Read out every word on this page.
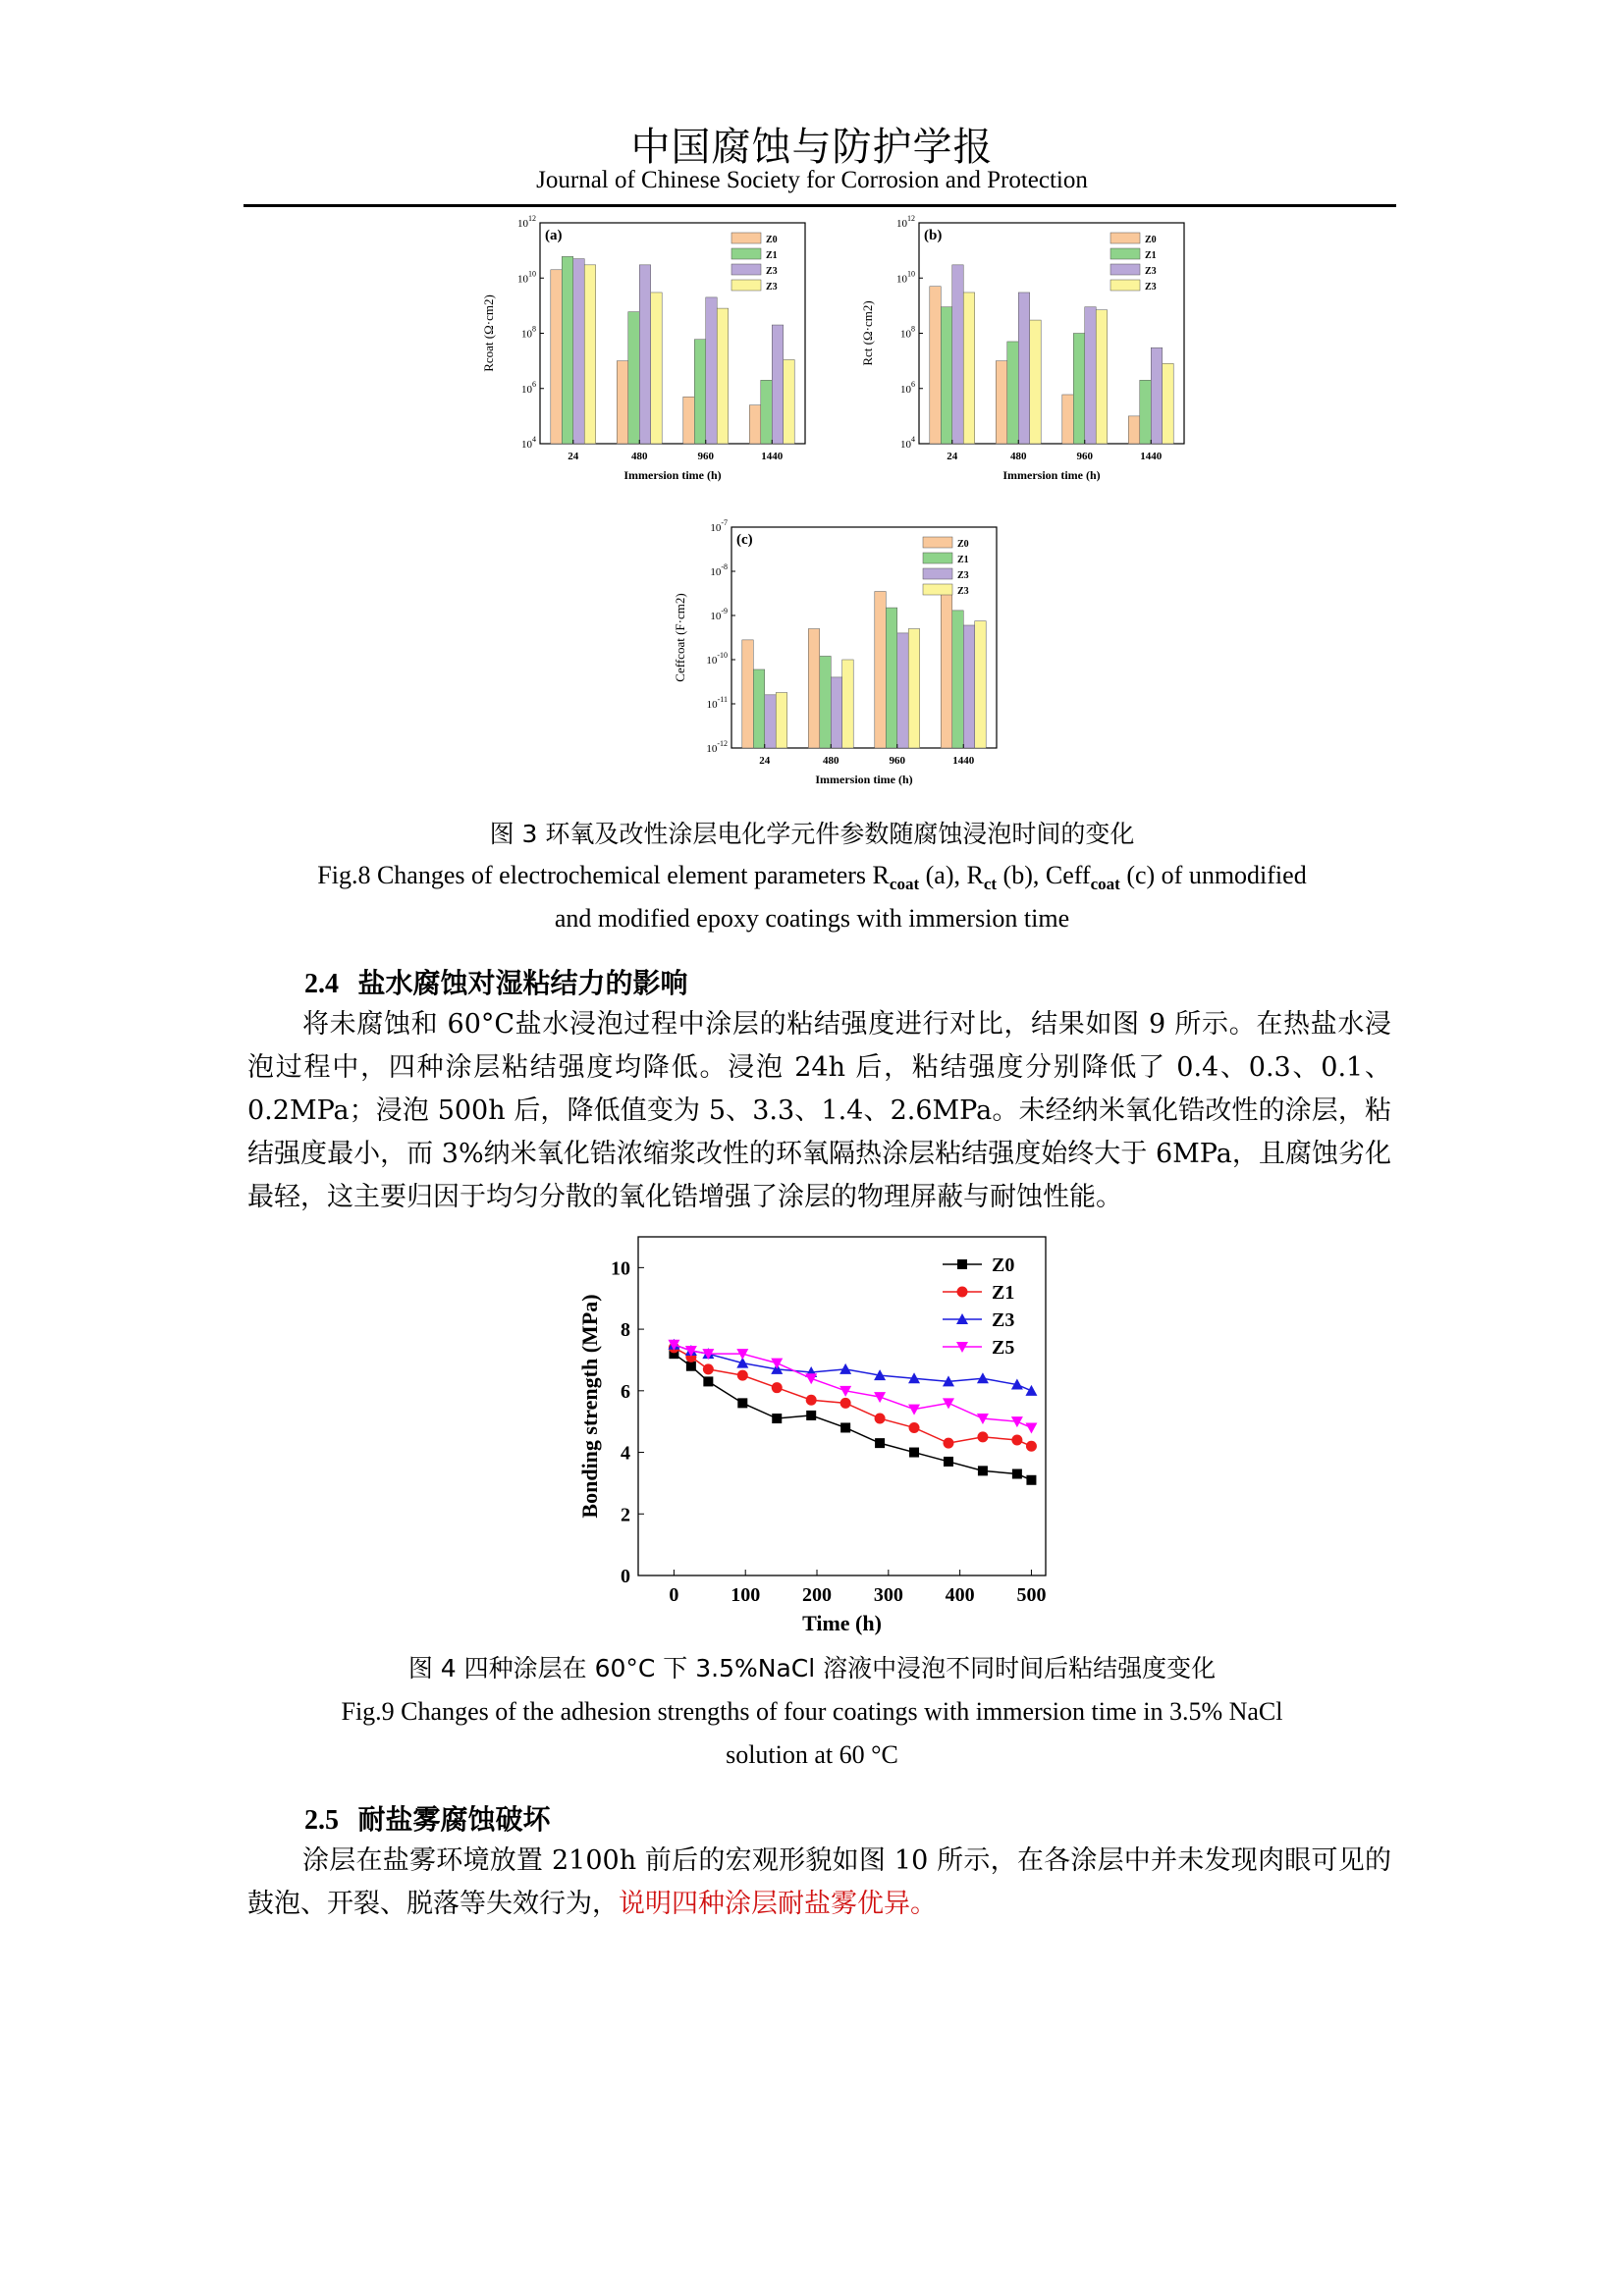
中国腐蚀与防护学报
Journal of Chinese Society for Corrosion and Protection
$10^4$
$10^6$
$10^8$
$10^{10}$
$10^{12}$
24	480	960	1440
(a)	Z0
Z1
Z3
Z3
Immersion time (h)
Rcoat (Ω·cm2)
$10^4$
$10^6$
$10^8$
$10^{10}$
$10^{12}$
24	480	960	1440
(b)	Z0
Z1
Z3
Z3
Immersion time (h)
Rct (Ω·cm2)
$10^{-12}$
$10^{-11}$
$10^{-10}$
$10^{-9}$
$10^{-8}$
$10^{-7}$
24	480	960	1440
(c)	Z0
Z1
Z3
Z3
Immersion time (h)
Ceffcoat (F·cm2)
图 3 环氧及改性涂层电化学元件参数随腐蚀浸泡时间的变化
Fig.8 Changes of electrochemical element parameters $R_{coat}$ (a), $R_{ct}$ (b), Ceff$_{coat}$ (c) of unmodified
and modified epoxy coatings with immersion time
2.4 盐水腐蚀对湿粘结力的影响
将未腐蚀和 60°C盐水浸泡过程中涂层的粘结强度进行对比，结果如图 9 所示。在热盐水浸泡过程中，四种涂层粘结强度均降低。浸泡 24h 后，粘结强度分别降低了 0.4、0.3、0.1、0.2MPa；浸泡 500h 后，降低值变为 5、3.3、1.4、2.6MPa。未经纳米氧化锆改性的涂层，粘结强度最小，而 3%纳米氧化锆浓缩浆改性的环氧隔热涂层粘结强度始终大于 6MPa，且腐蚀劣化最轻，这主要归因于均匀分散的氧化锆增强了涂层的物理屏蔽与耐蚀性能。
0
2
4
6
8
10
0	100 200 300 400 500
Z0
Z1
Z3
Z5
Time (h)
Bonding strength (MPa)
图 4 四种涂层在 60°C 下 3.5%NaCl 溶液中浸泡不同时间后粘结强度变化
Fig.9 Changes of the adhesion strengths of four coatings with immersion time in 3.5% NaCl
solution at 60 °C
2.5 耐盐雾腐蚀破坏
涂层在盐雾环境放置 2100h 前后的宏观形貌如图 10 所示，在各涂层中并未发现肉眼可见的鼓泡、开裂、脱落等失效行为，说明四种涂层耐盐雾优异。
